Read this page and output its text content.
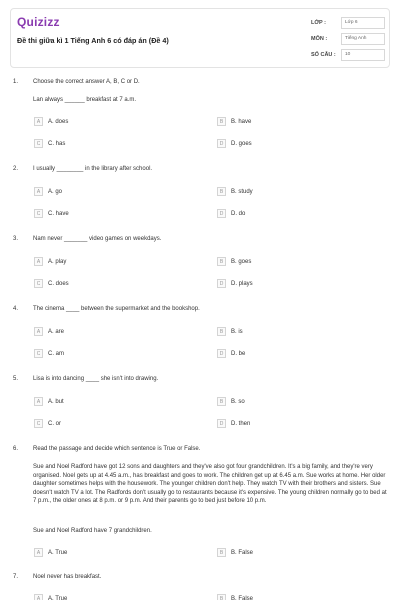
Quizizz
Đề thi giữa kì 1 Tiếng Anh 6 có đáp án (Đề 4)
LỚP :	Lớp 6
MÔN :	Tiếng Anh
SỐ CÂU :	10
1. Choose the correct answer A, B, C or D.
Lan always ______ breakfast at 7 a.m.
A	A. does	B	B. have
C	C. has	D	D. goes
2. I usually ________ in the library after school.
A	A. go	B	B. study
C	C. have	D	D. do
3. Nam never _______ video games on weekdays.
A	A. play	B	B. goes
C	C. does	D	D. plays
4. The cinema ____ between the supermarket and the bookshop.
A	A. are	B	B. is
C	C. am	D	D. be
5. Lisa is into dancing ____ she isn't into drawing.
A	A. but	B	B. so
C	C. or	D	D. then
6. Read the passage and decide which sentence is True or False.
Sue and Noel Radford have got 12 sons and daughters and they've also got four grandchildren. It's a big family, and they're very organised. Noel gets up at 4.45 a.m., has breakfast and goes to work. The children get up at 6.45 a.m. Sue works at home. Her older daughter sometimes helps with the housework. The younger children don't help. They watch TV with their brothers and sisters. Sue doesn't watch TV a lot. The Radfords don't usually go to restaurants because it's expensive. The young children normally go to bed at 7 p.m., the older ones at 8 p.m. or 9 p.m. And their parents go to bed just before 10 p.m.
Sue and Noel Radford have 7 grandchildren.
A	A. True	B	B. False
7. Noel never has breakfast.
A	A. True	B	B. False
